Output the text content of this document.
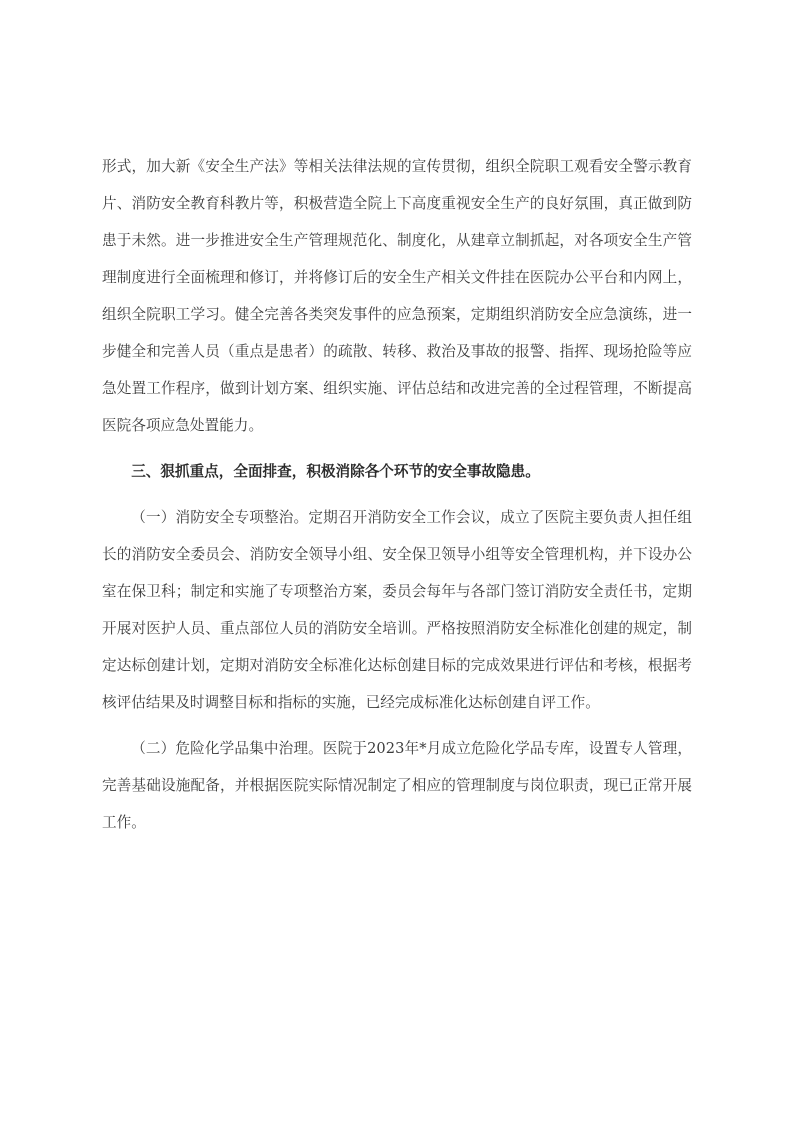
形式，加大新《安全生产法》等相关法律法规的宣传贯彻，组织全院职工观看安全警示教育片、消防安全教育科教片等，积极营造全院上下高度重视安全生产的良好氛围，真正做到防患于未然。进一步推进安全生产管理规范化、制度化，从建章立制抓起，对各项安全生产管理制度进行全面梳理和修订，并将修订后的安全生产相关文件挂在医院办公平台和内网上，组织全院职工学习。健全完善各类突发事件的应急预案，定期组织消防安全应急演练，进一步健全和完善人员（重点是患者）的疏散、转移、救治及事故的报警、指挥、现场抢险等应急处置工作程序，做到计划方案、组织实施、评估总结和改进完善的全过程管理，不断提高医院各项应急处置能力。

三、狠抓重点，全面排查，积极消除各个环节的安全事故隐患。

（一）消防安全专项整治。定期召开消防安全工作会议，成立了医院主要负责人担任组长的消防安全委员会、消防安全领导小组、安全保卫领导小组等安全管理机构，并下设办公室在保卫科；制定和实施了专项整治方案，委员会每年与各部门签订消防安全责任书，定期开展对医护人员、重点部位人员的消防安全培训。严格按照消防安全标准化创建的规定，制定达标创建计划，定期对消防安全标准化达标创建目标的完成效果进行评估和考核，根据考核评估结果及时调整目标和指标的实施，已经完成标准化达标创建自评工作。

（二）危险化学品集中治理。医院于2023年*月成立危险化学品专库，设置专人管理，完善基础设施配备，并根据医院实际情况制定了相应的管理制度与岗位职责，现已正常开展工作。
